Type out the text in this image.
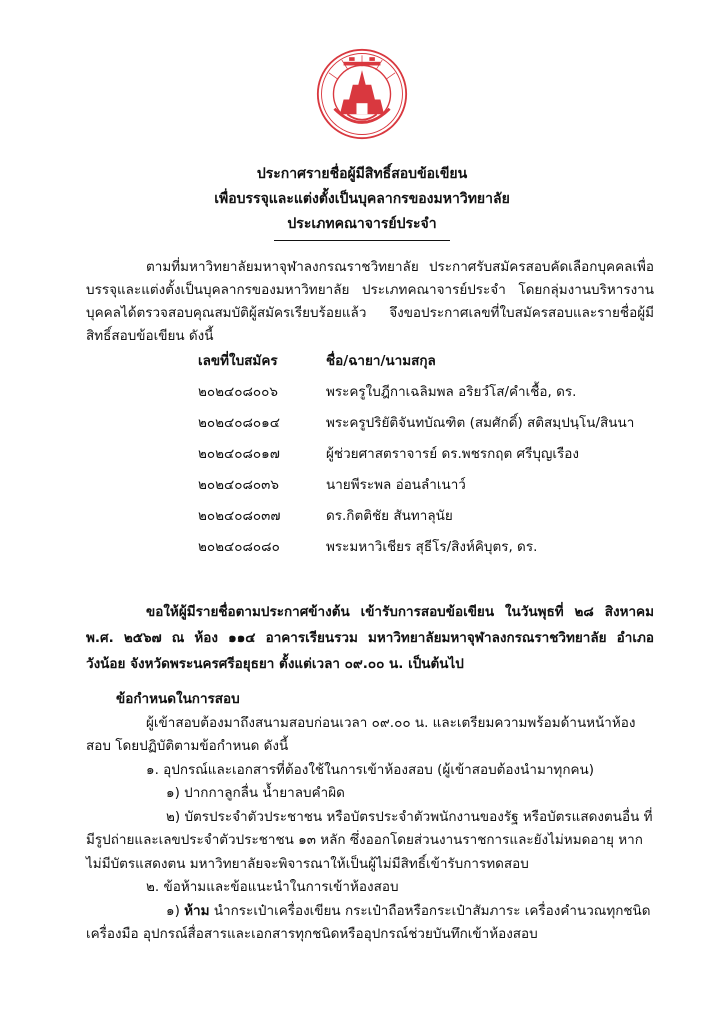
ประกาศรายชื่อผู้มีสิทธิ์สอบข้อเขียน

เพื่อบรรจุและแต่งตั้งเป็นบุคลากรของมหาวิทยาลัย

ประเภทคณาจารย์ประจำ

ตามที่มหาวิทยาลัยมหาจุฬาลงกรณราชวิทยาลัย ประกาศรับสมัครสอบคัดเลือกบุคคลเพื่อบรรจุและแต่งตั้งเป็นบุคลากรของมหาวิทยาลัย ประเภทคณาจารย์ประจำ โดยกลุ่มงานบริหารงานบุคคลได้ตรวจสอบคุณสมบัติผู้สมัครเรียบร้อยแล้ว จึงขอประกาศเลขที่ใบสมัครสอบและรายชื่อผู้มีสิทธิ์สอบข้อเขียน ดังนี้
เลขที่ใบสมัคร	ชื่อ/ฉายา/นามสกุล
๒๐๒๔๐๘๐๐๖	พระครูใบฎีกาเฉลิมพล อริยวํโส/คำเชื้อ, ดร.
๒๐๒๔๐๘๐๑๔	พระครูปริยัติจันทบัณฑิต (สมศักดิ์) สติสมฺปนฺโน/สินนา
๒๐๒๔๐๘๐๑๗	ผู้ช่วยศาสตราจารย์ ดร.พชรกฤต ศรีบุญเรือง
๒๐๒๔๐๘๐๓๖	นายพีระพล อ่อนลำเนาว์
๒๐๒๔๐๘๐๓๗	ดร.กิตติชัย สันทาลุนัย
๒๐๒๔๐๘๐๘๐	พระมหาวิเชียร สุธีโร/สิงห์คิบุตร, ดร.
ขอให้ผู้มีรายชื่อตามประกาศข้างต้น เข้ารับการสอบข้อเขียน ในวันพุธที่ ๒๘ สิงหาคม พ.ศ. ๒๕๖๗ ณ ห้อง ๑๑๔ อาคารเรียนรวม มหาวิทยาลัยมหาจุฬาลงกรณราชวิทยาลัย อำเภอวังน้อย จังหวัดพระนครศรีอยุธยา ตั้งแต่เวลา ๐๙.๐๐ น. เป็นต้นไป

ข้อกำหนดในการสอบ

ผู้เข้าสอบต้องมาถึงสนามสอบก่อนเวลา ๐๙.๐๐ น. และเตรียมความพร้อมด้านหน้าห้องสอบ โดยปฏิบัติตามข้อกำหนด ดังนี้

๑. อุปกรณ์และเอกสารที่ต้องใช้ในการเข้าห้องสอบ (ผู้เข้าสอบต้องนำมาทุกคน)

๑) ปากกาลูกลื่น น้ำยาลบคำผิด

๒) บัตรประจำตัวประชาชน หรือบัตรประจำตัวพนักงานของรัฐ หรือบัตรแสดงตนอื่น ที่มีรูปถ่ายและเลขประจำตัวประชาชน ๑๓ หลัก ซึ่งออกโดยส่วนงานราชการและยังไม่หมดอายุ หากไม่มีบัตรแสดงตน มหาวิทยาลัยจะพิจารณาให้เป็นผู้ไม่มีสิทธิ์เข้ารับการทดสอบ

๒. ข้อห้ามและข้อแนะนำในการเข้าห้องสอบ

๑) ห้าม นำกระเป๋าเครื่องเขียน กระเป๋าถือหรือกระเป๋าสัมภาระ เครื่องคำนวณทุกชนิด เครื่องมือ อุปกรณ์สื่อสารและเอกสารทุกชนิดหรืออุปกรณ์ช่วยบันทึกเข้าห้องสอบ
